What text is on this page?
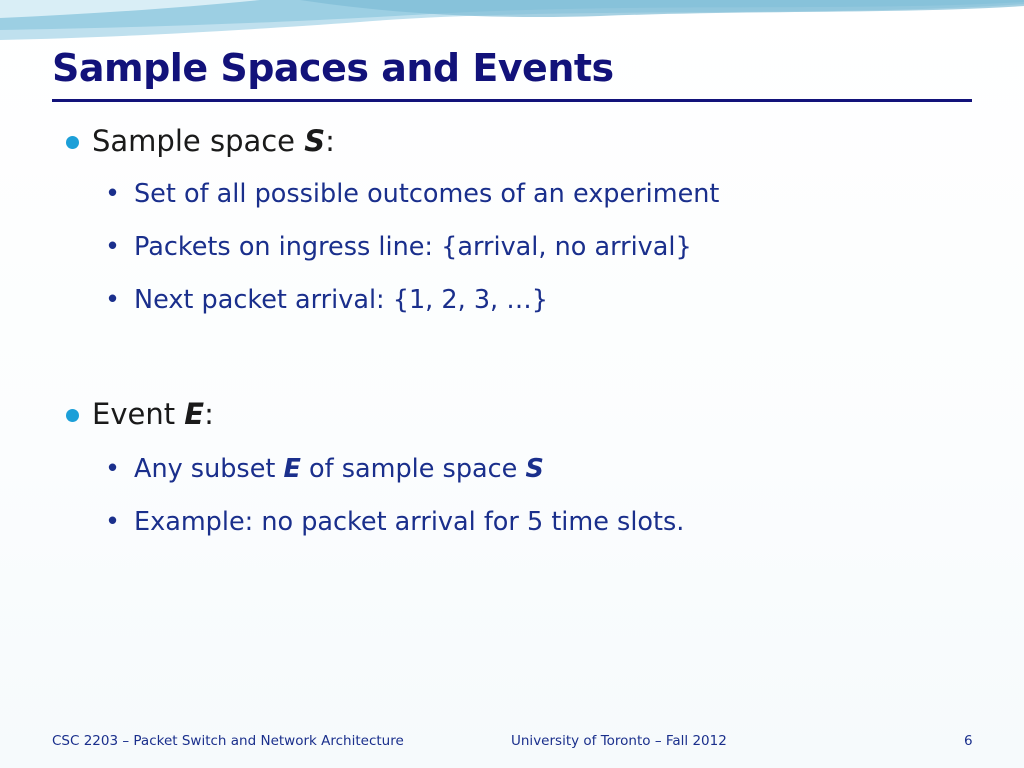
Sample Spaces and Events
Sample space S:
• Set of all possible outcomes of an experiment
• Packets on ingress line: {arrival, no arrival}
• Next packet arrival: {1, 2, 3, …}
Event E:
• Any subset E of sample space S
• Example: no packet arrival for 5 time slots.
CSC 2203 – Packet Switch and Network Architecture	University of Toronto – Fall 2012	6
